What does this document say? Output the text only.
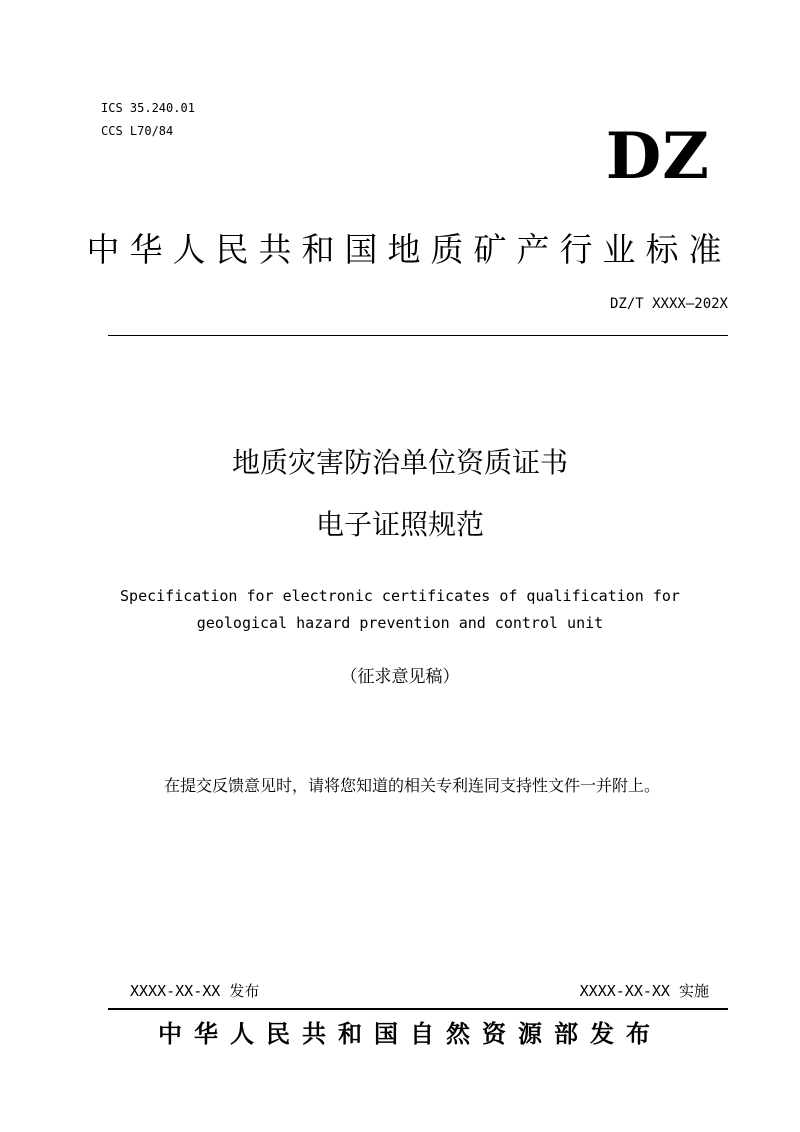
ICS 35.240.01
CCS L70/84	DZ
中华人民共和国地质矿产行业标准
DZ/T XXXX—202X
地质灾害防治单位资质证书
电子证照规范
Specification for electronic certificates of qualification for
geological hazard prevention and control unit
（征求意见稿）
在提交反馈意见时，请将您知道的相关专利连同支持性文件一并附上。
XXXX-XX-XX 发布	XXXX-XX-XX 实施
中华人民共和国自然资源部发布
